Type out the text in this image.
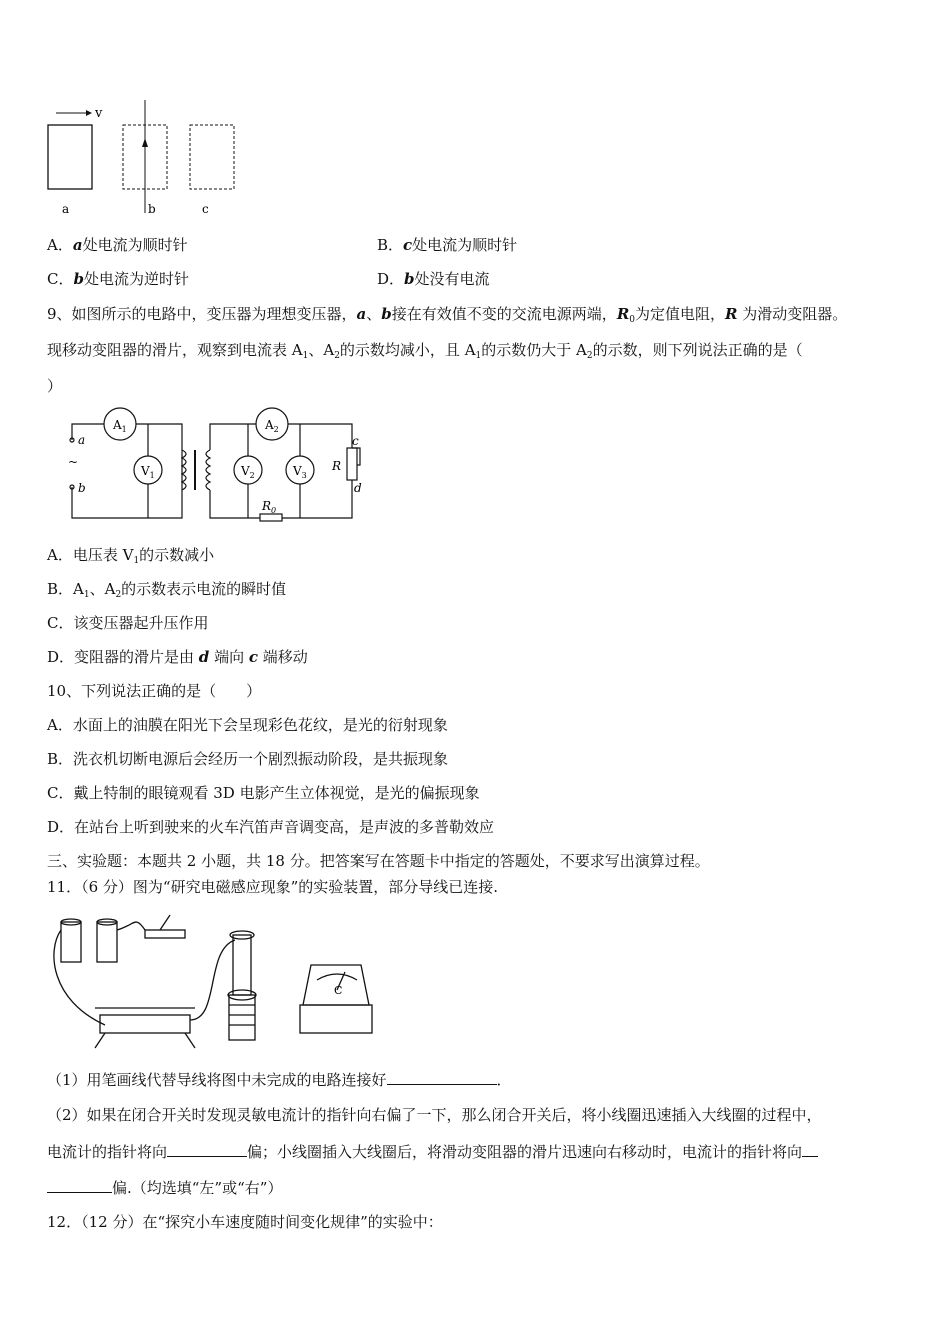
v
a	b	c
$A_1$	$A_2$
$V_1$	$V_2$	$V_3$
a
~
b
R
$R_0$
c
d
C
A．a处电流为顺时针	B．c处电流为顺时针
C．b处电流为逆时针	D．b处没有电流
9、如图所示的电路中，变压器为理想变压器，a、b接在有效值不变的交流电源两端，$R_0$为定值电阻，R 为滑动变阻器。
现移动变阻器的滑片，观察到电流表 $A_1$、$A_2$的示数均减小，且 $A_1$的示数仍大于 $A_2$的示数，则下列说法正确的是（
）
A．电压表 $V_1$的示数减小
B．$A_1$、$A_2$的示数表示电流的瞬时值
C．该变压器起升压作用
D．变阻器的滑片是由 d 端向 c 端移动
10、下列说法正确的是（　　）
A．水面上的油膜在阳光下会呈现彩色花纹，是光的衍射现象
B．洗衣机切断电源后会经历一个剧烈振动阶段，是共振现象
C．戴上特制的眼镜观看 3D 电影产生立体视觉，是光的偏振现象
D．在站台上听到驶来的火车汽笛声音调变高，是声波的多普勒效应
三、实验题：本题共 2 小题，共 18 分。把答案写在答题卡中指定的答题处，不要求写出演算过程。
11．（6 分）图为“研究电磁感应现象”的实验装置，部分导线已连接.
（1）用笔画线代替导线将图中未完成的电路连接好	．
（2）如果在闭合开关时发现灵敏电流计的指针向右偏了一下，那么闭合开关后，将小线圈迅速插入大线圈的过程中，
电流计的指针将向	偏；小线圈插入大线圈后，将滑动变阻器的滑片迅速向右移动时，电流计的指针将向
偏.（均选填“左”或“右”）
12．（12 分）在“探究小车速度随时间变化规律”的实验中：
